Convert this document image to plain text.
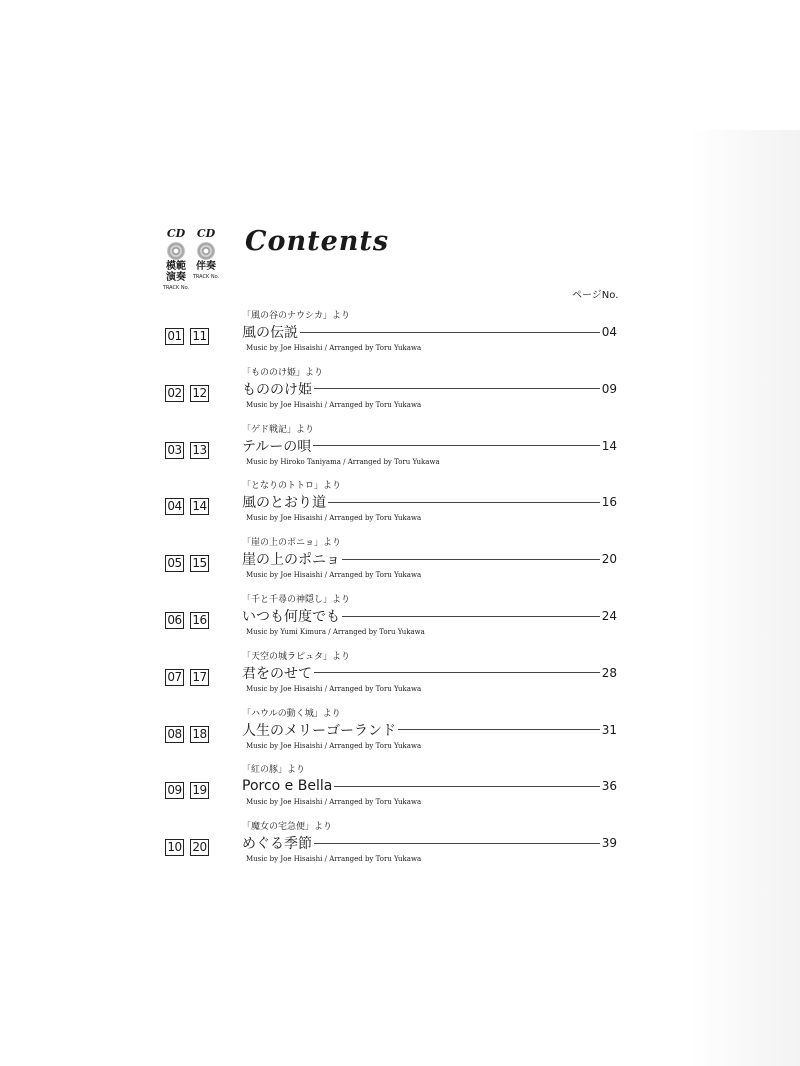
CD
模範演奏
TRACK No.
CD
伴奏
TRACK No.
Contents
ページNo.
01 11
「風の谷のナウシカ」より
風の伝説	04
Music by Joe Hisaishi / Arranged by Toru Yukawa
02 12
「もののけ姫」より
もののけ姫	09
Music by Joe Hisaishi / Arranged by Toru Yukawa
03 13
「ゲド戦記」より
テルーの唄	14
Music by Hiroko Taniyama / Arranged by Toru Yukawa
04 14
「となりのトトロ」より
風のとおり道	16
Music by Joe Hisaishi / Arranged by Toru Yukawa
05 15
「崖の上のポニョ」より
崖の上のポニョ	20
Music by Joe Hisaishi / Arranged by Toru Yukawa
06 16
「千と千尋の神隠し」より
いつも何度でも	24
Music by Yumi Kimura / Arranged by Toru Yukawa
07 17
「天空の城ラピュタ」より
君をのせて	28
Music by Joe Hisaishi / Arranged by Toru Yukawa
08 18
「ハウルの動く城」より
人生のメリーゴーランド	31
Music by Joe Hisaishi / Arranged by Toru Yukawa
09 19
「紅の豚」より
Porco e Bella	36
Music by Joe Hisaishi / Arranged by Toru Yukawa
10 20
「魔女の宅急便」より
めぐる季節	39
Music by Joe Hisaishi / Arranged by Toru Yukawa
